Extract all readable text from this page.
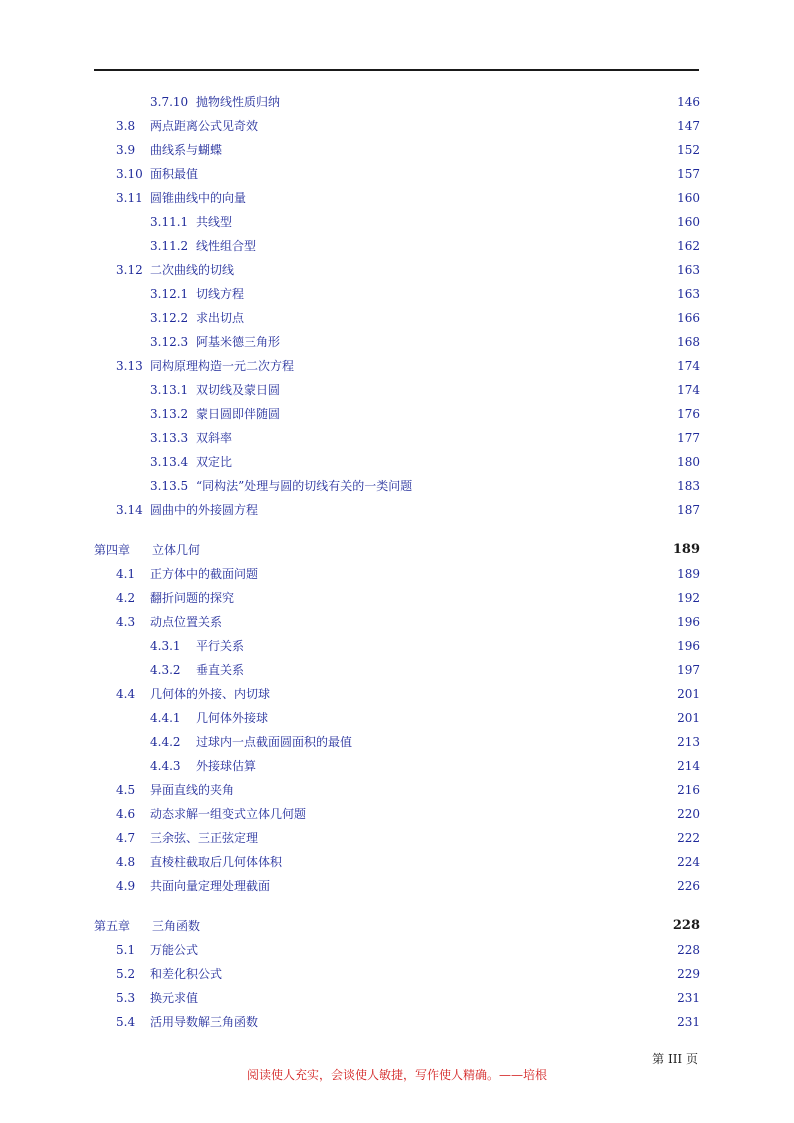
3.7.10 抛物线性质归纳	146
3.8	两点距离公式见奇效	147
3.9	曲线系与蝴蝶	152
3.10 面积最值	157
3.11 圆锥曲线中的向量	160
3.11.1 共线型	160
3.11.2 线性组合型	162
3.12 二次曲线的切线	163
3.12.1 切线方程	163
3.12.2 求出切点	166
3.12.3 阿基米德三角形	168
3.13 同构原理构造一元二次方程	174
3.13.1 双切线及蒙日圆	174
3.13.2 蒙日圆即伴随圆	176
3.13.3 双斜率	177
3.13.4 双定比	180
3.13.5 “同构法”处理与圆的切线有关的一类问题	183
3.14 圆曲中的外接圆方程	187
第四章	立体几何	189
4.1	正方体中的截面问题	189
4.2	翻折问题的探究	192
4.3	动点位置关系	196
4.3.1	平行关系	196
4.3.2	垂直关系	197
4.4	几何体的外接、内切球	201
4.4.1	几何体外接球	201
4.4.2	过球内一点截面圆面积的最值	213
4.4.3	外接球估算	214
4.5	异面直线的夹角	216
4.6	动态求解一组变式立体几何题	220
4.7	三余弦、三正弦定理	222
4.8	直棱柱截取后几何体体积	224
4.9	共面向量定理处理截面	226
第五章	三角函数	228
5.1	万能公式	228
5.2	和差化积公式	229
5.3	换元求值	231
5.4	活用导数解三角函数	231
第 III 页
阅读使人充实，会谈使人敏捷，写作使人精确。——培根
